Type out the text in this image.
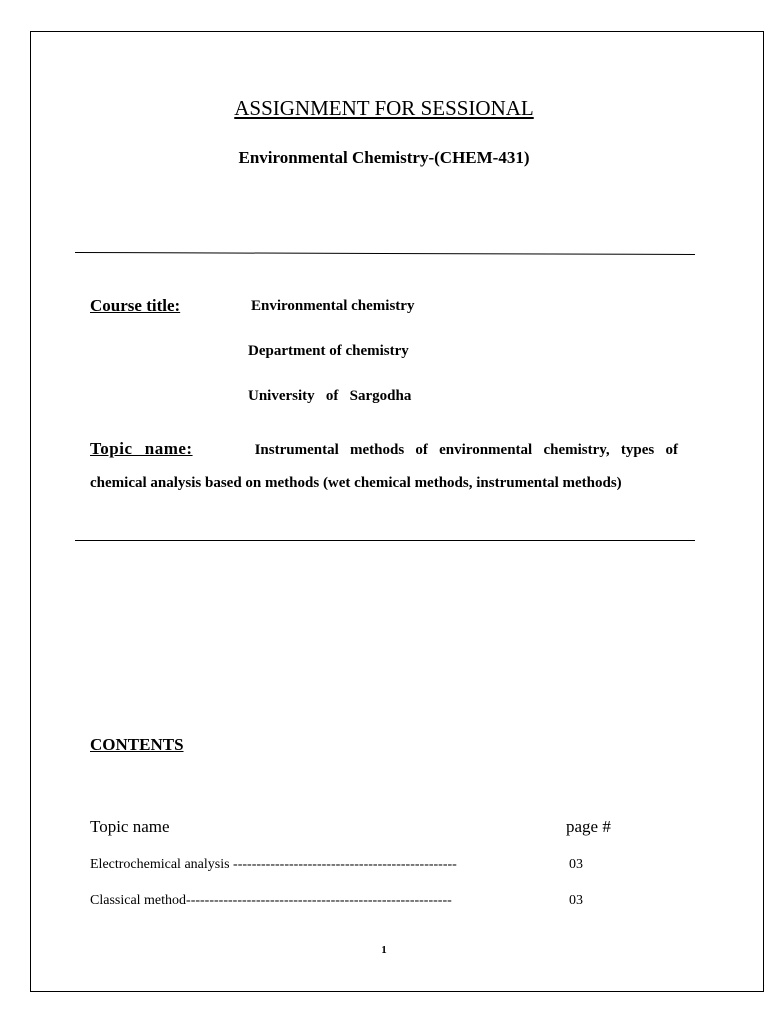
ASSIGNMENT FOR SESSIONAL
Environmental Chemistry-(CHEM-431)
Course title:	Environmental chemistry
Department of chemistry
University   of   Sargodha
Topic name:	Instrumental methods of environmental chemistry, types of chemical analysis based on methods (wet chemical methods, instrumental methods)
CONTENTS
Topic name	page #
Electrochemical analysis ------------------------------------------------	03
Classical method---------------------------------------------------------	03
1
